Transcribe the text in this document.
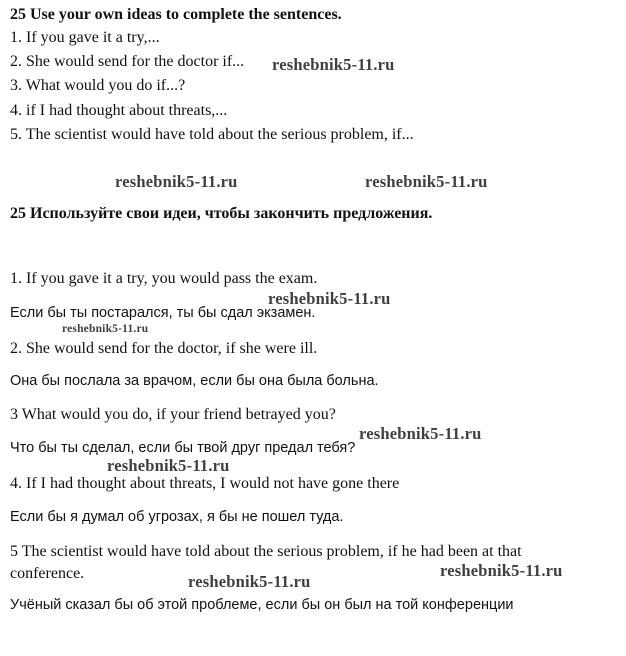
25 Use your own ideas to complete the sentences.
1. If you gave it a try,...
2. She would send for the doctor if...
3. What would you do if...?
4. if I had thought about threats,...
5. The scientist would have told about the serious problem, if...
25 Используйте свои идеи, чтобы закончить предложения.
1. If you gave it a try, you would pass the exam.
Если бы ты постарался, ты бы сдал экзамен.
2. She would send for the doctor, if she were ill.
Она бы послала за врачом, если бы она была больна.
3 What would you do, if your friend betrayed you?
Что бы ты сделал, если бы твой друг предал тебя?
4. If I had thought about threats, I would not have gone there
Если бы я думал об угрозах, я бы не пошел туда.
5 The scientist would have told about the serious problem, if he had been at that
conference.
Учёный сказал бы об этой проблеме, если бы он был на той конференции
reshebnik5-11.ru
reshebnik5-11.ru	reshebnik5-11.ru
reshebnik5-11.ru
reshebnik5-11.ru
reshebnik5-11.ru
reshebnik5-11.ru
reshebnik5-11.ru
reshebnik5-11.ru
